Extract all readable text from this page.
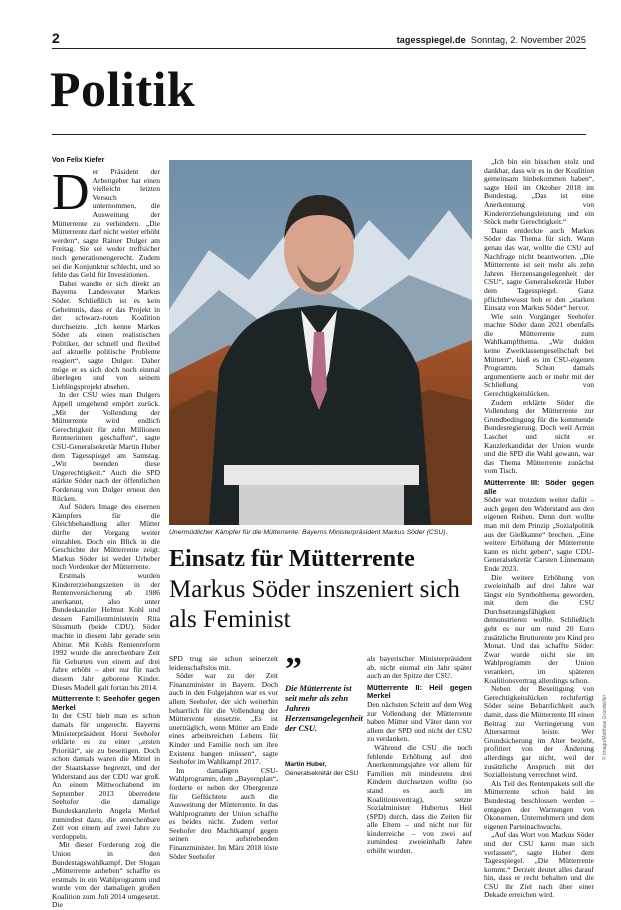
2	tagesspiegel.de Sonntag, 2. November 2025
Politik
Von Felix Kiefer

Der Präsident der Arbeitgeber hat einen vielleicht letzten Versuch unternommen, die Ausweitung der Mütterrente zu verhindern. „Die Mütterrente darf nicht weiter erhöht werden“, sagte Rainer Dulger am Freitag. Sie sei weder treffsicher noch generationengerecht. Zudem sei die Konjunktur schlecht, und so fehle das Geld für Investitionen.

Dabei wandte er sich direkt an Bayerns Landesvater Markus Söder. Schließlich ist es kein Geheimnis, dass er das Projekt in der schwarz-roten Koalition durchsetzte. „Ich kenne Markus Söder als einen realistischen Politiker, der schnell und flexibel auf aktuelle politische Probleme reagiert“, sagte Dulger. Daher möge er es sich doch noch einmal überlegen und von seinem Lieblingsprojekt absehen.

In der CSU wies man Dulgers Appell umgehend empört zurück. „Mit der Vollendung der Mütterrente wird endlich Gerechtigkeit für zehn Millionen Rentnerinnen geschaffen“, sagte CSU-Generalsekretär Martin Huber dem Tagesspiegel am Samstag. „Wir beenden diese Ungerechtigkeit.“ Auch die SPD stärkte Söder nach der öffentlichen Forderung von Dulger erneut den Rücken.

Auf Söders Image des eisernen Kämpfers für die Gleichbehandlung aller Mütter dürfte der Vorgang weiter einzahlen. Doch ein Blick in die Geschichte der Mütterrente zeigt: Markus Söder ist weder Urheber noch Vordenker der Mütterrente.

Erstmals wurden Kindererziehungszeiten in der Rentenversicherung ab 1986 anerkannt, also unter Bundeskanzler Helmut Kohl und dessen Familienministerin Rita Süssmuth (beide CDU). Söder machte in diesem Jahr gerade sein Abitur. Mit Kohls Rentenreform 1992 wurde die anrechenbare Zeit für Geburten von einem auf drei Jahre erhöht – aber nur für nach diesem Jahr geborene Kinder. Dieses Modell galt fortan bis 2014.

Mütterrente I: Seehofer gegen Merkel

In der CSU hielt man es schon damals für ungerecht. Bayerns Ministerpräsident Horst Seehofer erklärte es zu einer „ersten Priorität“, sie zu beseitigen. Doch schon damals waren die Mittel in der Staatskasse begrenzt, und der Widerstand aus der CDU war groß. An einem Mittwochabend im September 2013 überredete Seehofer die damalige Bundeskanzlerin Angela Merkel zumindest dazu, die anrechenbare Zeit von einem auf zwei Jahre zu verdoppeln.

Mit dieser Forderung zog die Union in den Bundestagswahlkampf. Der Slogan „Mütterrente anheben“ schaffte es erstmals in ein Wahlprogramm und wurde von der damaligen großen Koalition zum Juli 2014 umgesetzt. Die

Unermüdlicher Kämpfer für die Mütterrente: Bayerns Ministerpräsident Markus Söder (CSU).
Einsatz für Mütterrente
Markus Söder inszeniert sich als Feminist

SPD trug sie schon seinerzeit leidenschaftslos mit.

Söder war zu der Zeit Finanzminister in Bayern. Doch auch in den Folgejahren war es vor allem Seehofer, der sich weiterhin beharrlich für die Vollendung der Mütterrente einsetzte. „Es ist unerträglich, wenn Mütter am Ende eines arbeitsreichen Lebens für Kinder und Familie noch um ihre Existenz bangen müssen“, sagte Seehofer im Wahlkampf 2017.

Im damaligen CSU-Wahlprogramm, dem „Bayernplan“, forderte er neben der Obergrenze für Geflüchtete auch die Ausweitung der Mütterrente. In das Wahlprogramm der Union schaffte es beides nicht. Zudem verlor Seehofer den Machtkampf gegen seinen aufstrebenden Finanzminister. Im März 2018 löste Söder Seehofer

”
Die Mütterrente ist seit mehr als zehn Jahren Herzensangelegenheit der CSU.
Martin Huber,
Generalsekretär der CSU

als bayerischer Ministerpräsident ab, nicht einmal ein Jahr später auch an der Spitze der CSU.

Mütterrente II: Heil gegen Merkel

Den nächsten Schritt auf dem Weg zur Vollendung der Mütterrente haben Mütter und Väter dann vor allem der SPD und nicht der CSU zu verdanken.

Während die CSU die noch fehlende Erhöhung auf drei Anerkennungsjahre vor allem für Familien mit mindestens drei Kindern durchsetzen wollte (so stand es auch im Koalitionsvertrag), setzte Sozialminister Hubertus Heil (SPD) durch, dass die Zeiten für alle Eltern – und nicht nur für kinderreiche – von zwei auf zumindest zweieinhalb Jahre erhöht wurden.

„Ich bin ein bisschen stolz und dankbar, dass wir es in der Koalition gemeinsam hinbekommen haben“, sagte Heil im Oktober 2018 im Bundestag. „Das ist eine Anerkennung von Kindererziehungsleistung und ein Stück mehr Gerechtigkeit.“

Dann entdeckte auch Markus Söder das Thema für sich. Wann genau das war, wollte die CSU auf Nachfrage nicht beantworten. „Die Mütterrente ist seit mehr als zehn Jahren Herzensangelegenheit der CSU“, sagte Generalsekretär Huber dem Tagesspiegel. Ganz pflichtbewusst hob er den „starken Einsatz von Markus Söder“ hervor.

Wie sein Vorgänger Seehofer machte Söder dann 2021 ebenfalls die Mütterrente zum Wahlkampfthema. „Wir dulden keine Zweiklassengesellschaft bei Müttern“, hieß es im CSU-eigenen Programm. Schon damals argumentierte auch er mehr mit der Schließung von Gerechtigkeitslücken.

Zudem erklärte Söder die Vollendung der Mütterrente zur Grundbedingung für die kommende Bundesregierung. Doch weil Armin Laschet und nicht er Kanzlerkandidat der Union wurde und die SPD die Wahl gewann, war das Thema Mütterrente zunächst vom Tisch.

Mütterrente III: Söder gegen alle

Söder war trotzdem weiter dafür – auch gegen den Widerstand aus den eigenen Reihen. Denn dort wollte man mit dem Prinzip „Sozialpolitik aus der Gießkanne“ brechen. „Eine weitere Erhöhung der Mütterrente kann es nicht geben“, sagte CDU-Generalsekretär Carsten Linnemann Ende 2023.

Die weitere Erhöhung von zweieinhalb auf drei Jahre war längst ein Symbolthema geworden, mit dem die CSU Durchsetzungsfähigkeit demonstrieren wollte. Schließlich geht es nur um rund 20 Euro zusätzliche Bruttorente pro Kind pro Monat. Und das schaffte Söder: Zwar wurde nicht sie im Wahlprogramm der Union verankert, im späteren Koalitionsvertrag allerdings schon.

Neben der Beseitigung von Gerechtigkeitslücken rechtfertigt Söder seine Beharrlichkeit auch damit, dass die Mütterrente III einen Beitrag zur Verringerung von Altersarmut leiste. Wer Grundsicherung im Alter bezieht, profitiert von der Änderung allerdings gar nicht, weil der zusätzliche Anspruch mit der Sozialleistung verrechnet wird.

Als Teil des Rentenpakets soll die Mütterrente schon bald im Bundestag beschlossen werden – entgegen der Warnungen von Ökonomen, Unternehmern und dem eigenen Parteinachwuchs.

„Auf das Wort von Markus Söder und der CSU kann man sich verlassen“, sagte Huber dem Tagesspiegel. „Die Mütterrente kommt.“ Derzeit deutet alles darauf hin, dass er recht behalten und die CSU ihr Ziel nach über einer Dekade erreichen wird.

© Imago/Matthias Grandel/ler
